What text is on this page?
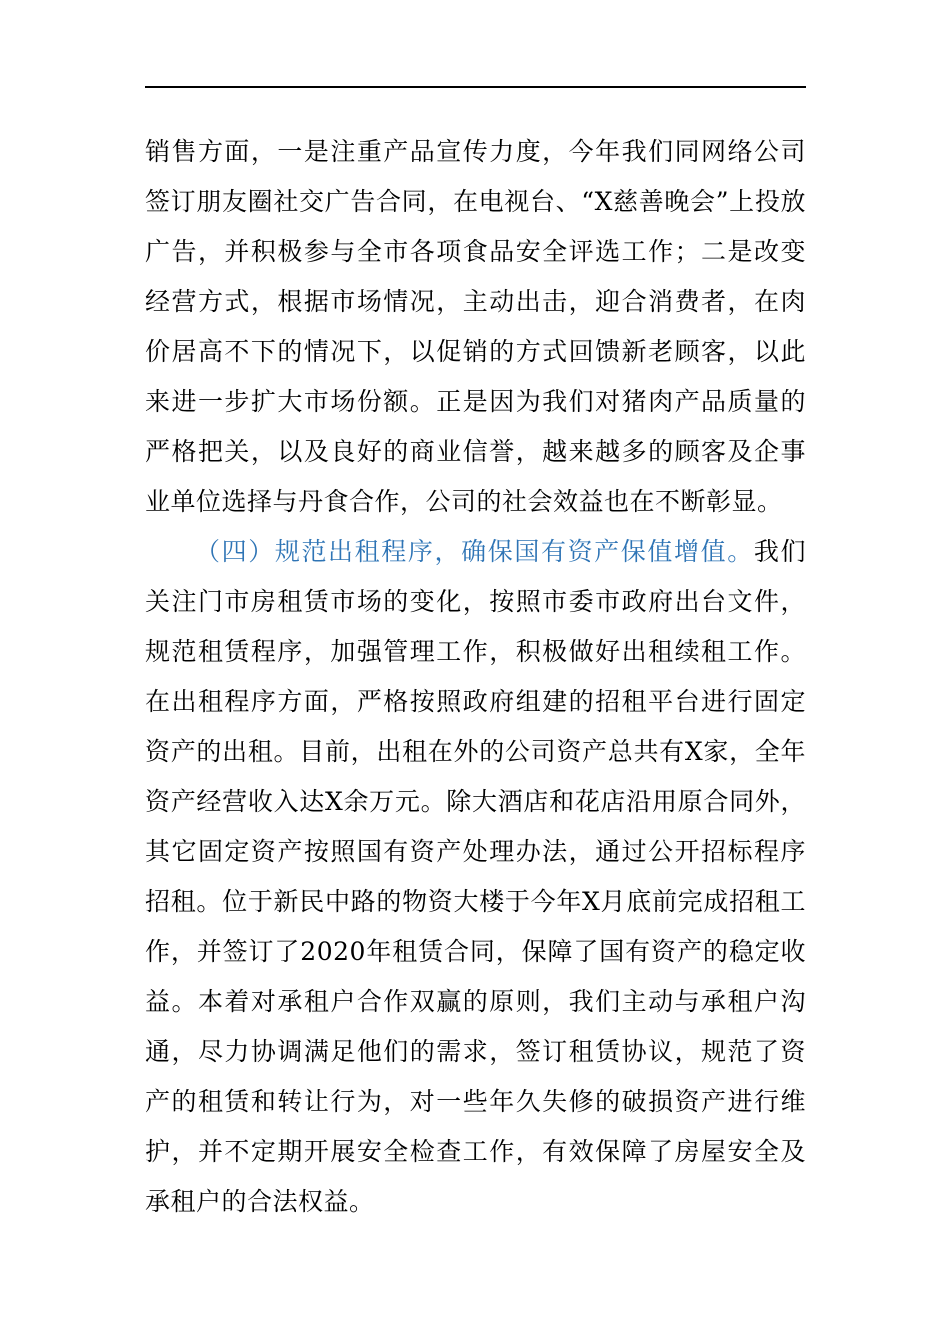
销售方面，一是注重产品宣传力度，今年我们同网络公司签订朋友圈社交广告合同，在电视台、“X慈善晚会”上投放广告，并积极参与全市各项食品安全评选工作；二是改变经营方式，根据市场情况，主动出击，迎合消费者，在肉价居高不下的情况下，以促销的方式回馈新老顾客，以此来进一步扩大市场份额。正是因为我们对猪肉产品质量的严格把关，以及良好的商业信誉，越来越多的顾客及企事业单位选择与丹食合作，公司的社会效益也在不断彰显。

（四）规范出租程序，确保国有资产保值增值。我们关注门市房租赁市场的变化，按照市委市政府出台文件，规范租赁程序，加强管理工作，积极做好出租续租工作。在出租程序方面，严格按照政府组建的招租平台进行固定资产的出租。目前，出租在外的公司资产总共有X家，全年资产经营收入达X余万元。除大酒店和花店沿用原合同外，其它固定资产按照国有资产处理办法，通过公开招标程序招租。位于新民中路的物资大楼于今年X月底前完成招租工作，并签订了2020年租赁合同，保障了国有资产的稳定收益。本着对承租户合作双赢的原则，我们主动与承租户沟通，尽力协调满足他们的需求，签订租赁协议，规范了资产的租赁和转让行为，对一些年久失修的破损资产进行维护，并不定期开展安全检查工作，有效保障了房屋安全及承租户的合法权益。
